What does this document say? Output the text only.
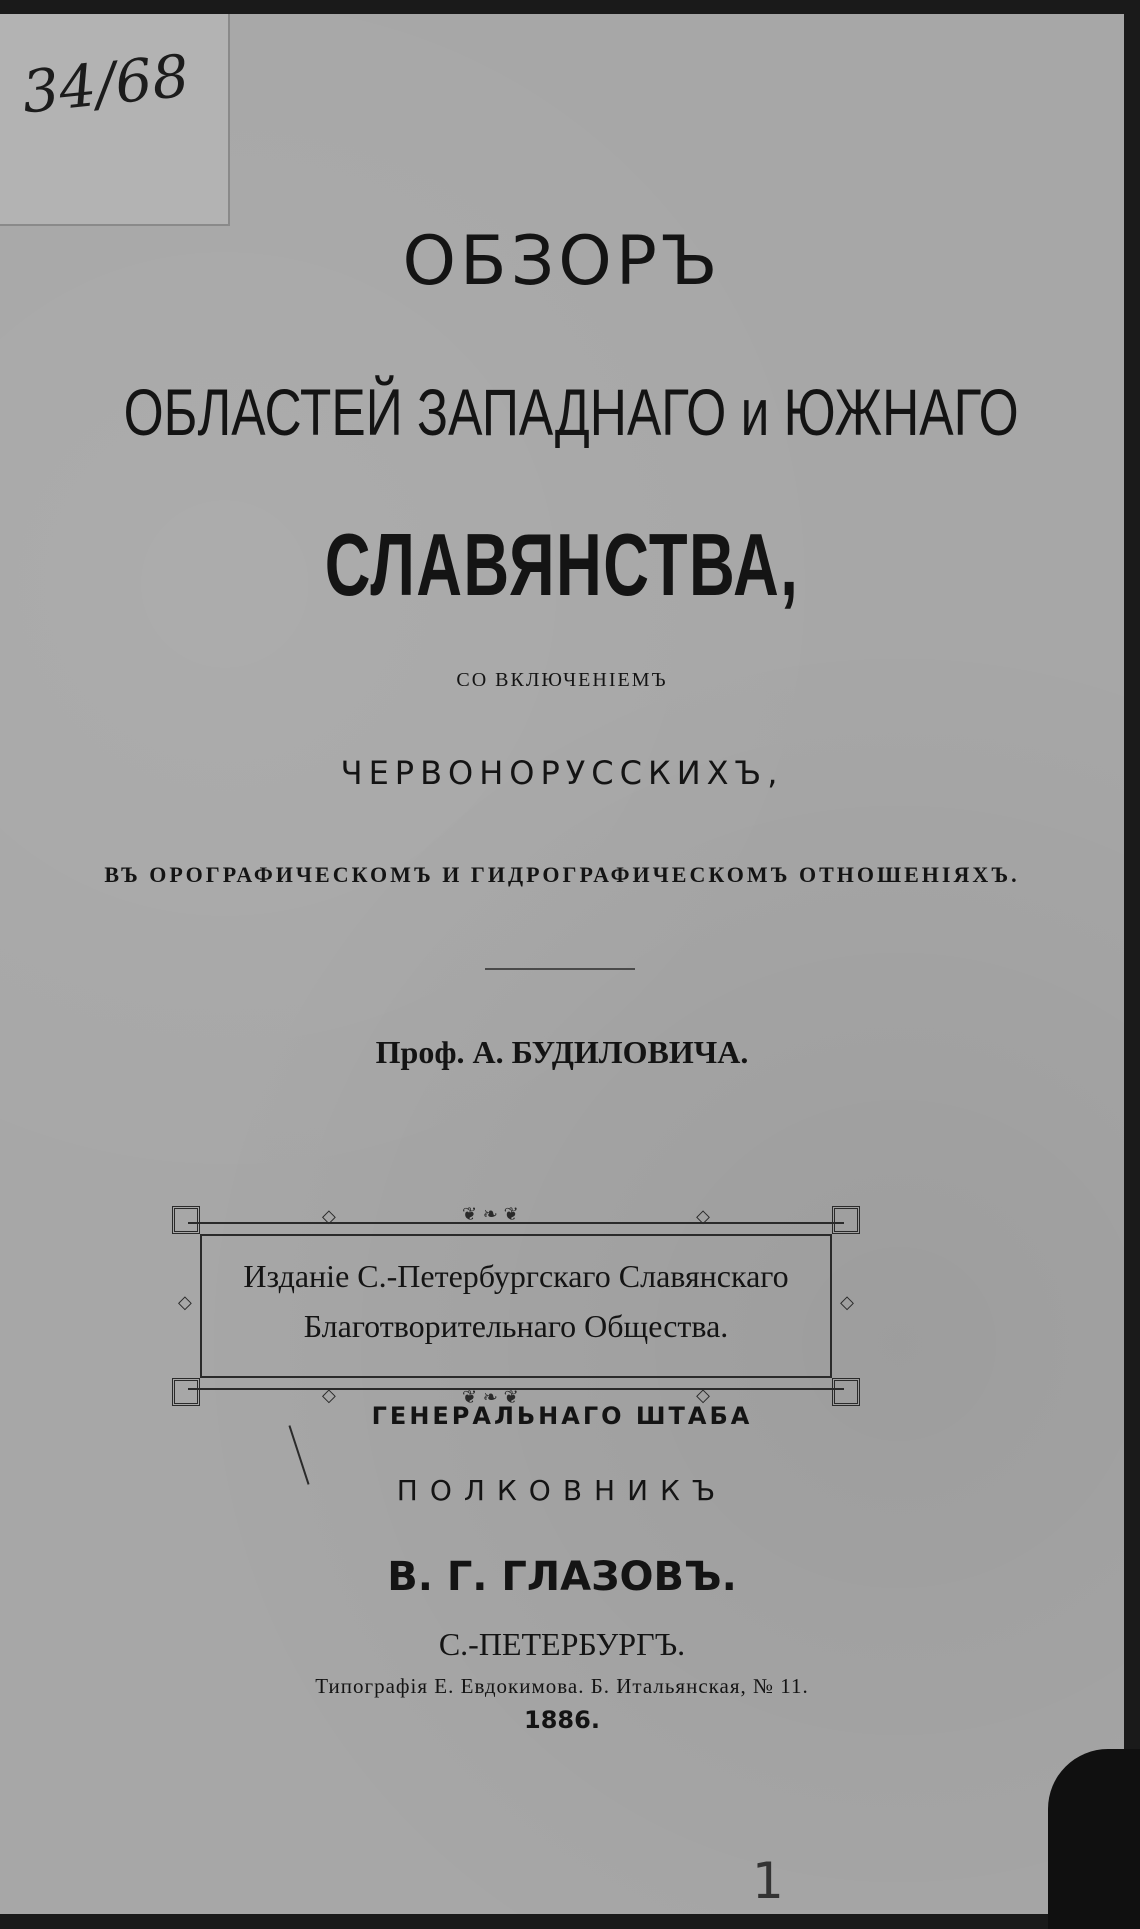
34/68
ОБЗОРЪ
ОБЛАСТЕЙ ЗАПАДНАГО и ЮЖНАГО
СЛАВЯНСТВА,
СО ВКЛЮЧЕНІЕМЪ
ЧЕРВОНОРУССКИХЪ,
ВЪ ОРОГРАФИЧЕСКОМЪ И ГИДРОГРАФИЧЕСКОМЪ ОТНОШЕНІЯХЪ.
Проф. А. БУДИЛОВИЧА.
❦ ❧ ❦
❦ ❧ ❦
◇	◇
◇	◇
◇	◇
Изданіе С.-Петербургскаго Славянскаго
Благотворительнаго Общества.
ГЕНЕРАЛЬНАГО ШТАБА
ПОЛКОВНИКЪ
В. Г. ГЛАЗОВЪ.
С.-ПЕТЕРБУРГЪ.
Типографія Е. Евдокимова. Б. Итальянская, № 11.
1886.
1
